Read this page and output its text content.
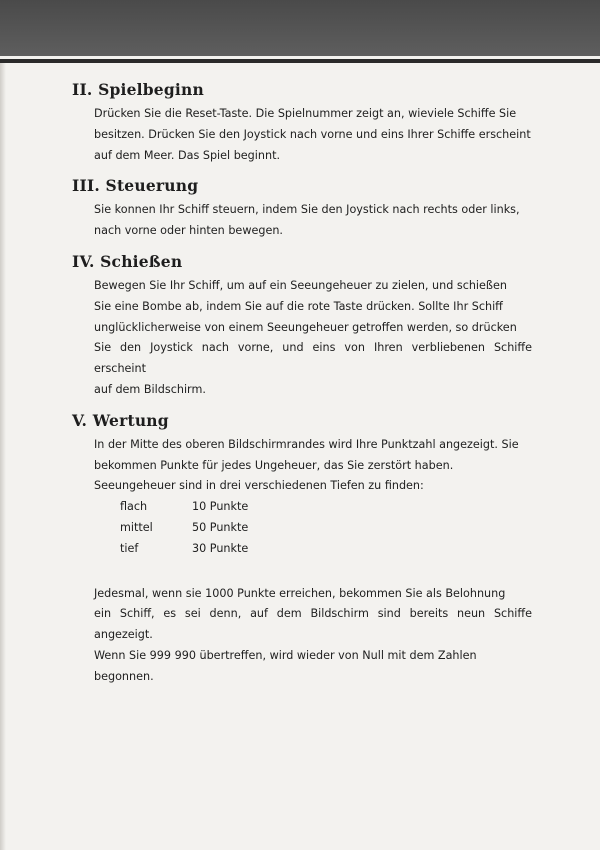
II. Spielbeginn

Drücken Sie die Reset-Taste. Die Spielnummer zeigt an, wieviele Schiffe Sie

besitzen. Drücken Sie den Joystick nach vorne und eins Ihrer Schiffe erscheint

auf dem Meer. Das Spiel beginnt.

III. Steuerung

Sie konnen Ihr Schiff steuern, indem Sie den Joystick nach rechts oder links,

nach vorne oder hinten bewegen.

IV. Schießen

Bewegen Sie Ihr Schiff, um auf ein Seeungeheuer zu zielen, und schießen

Sie eine Bombe ab, indem Sie auf die rote Taste drücken. Sollte Ihr Schiff

unglücklicherweise von einem Seeungeheuer getroffen werden, so drücken

Sie den Joystick nach vorne, und eins von Ihren verbliebenen Schiffe erscheint

auf dem Bildschirm.

V. Wertung

In der Mitte des oberen Bildschirmrandes wird Ihre Punktzahl angezeigt. Sie

bekommen Punkte für jedes Ungeheuer, das Sie zerstört haben.

Seeungeheuer sind in drei verschiedenen Tiefen zu finden:

flach	10 Punkte
mittel	50 Punkte
tief	30 Punkte

Jedesmal, wenn sie 1000 Punkte erreichen, bekommen Sie als Belohnung

ein Schiff, es sei denn, auf dem Bildschirm sind bereits neun Schiffe angezeigt.

Wenn Sie 999 990 übertreffen, wird wieder von Null mit dem Zahlen

begonnen.
